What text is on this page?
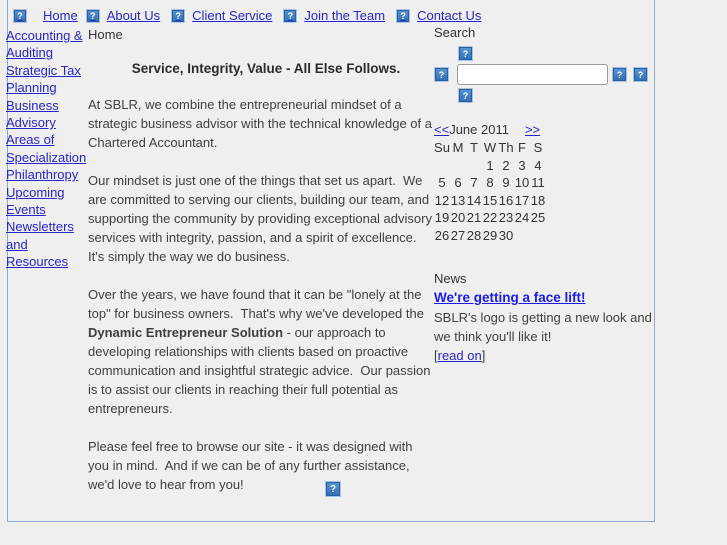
?	Home	? About Us	? Client Service	? Join the Team	? Contact Us
Accounting & Auditing
Strategic Tax Planning
Business Advisory
Areas of Specialization
Philanthropy
Upcoming Events
Newsletters and Resources
Home
Service, Integrity, Value - All Else Follows.

At SBLR, we combine the entrepreneurial mindset of a strategic business advisor with the technical knowledge of a Chartered Accountant.

Our mindset is just one of the things that set us apart.  We are committed to serving our clients, building our team, and supporting the community by providing exceptional advisory services with integrity, passion, and a spirit of excellence.  It's simply the way we do business.

Over the years, we have found that it can be "lonely at the top" for business owners.  That's why we've developed the Dynamic Entrepreneur Solution - our approach to developing relationships with clients based on proactive communication and insightful strategic advice.  Our passion is to assist our clients in reaching their full potential as entrepreneurs.

Please feel free to browse our site - it was designed with you in mind.  And if we can be of any further assistance, we'd love to hear from you!

Search
?
?	?	?
?
<< June 2011 >>
Su	M	T	W	Th	F	S
			1	2	3	4
5	6	7	8	9	10	11
12	13	14	15	16	17	18
19	20	21	22	23	24	25
26	27	28	29	30		
News
We're getting a face lift!
SBLR's logo is getting a new look and we think you'll like it!
[read on]
?
